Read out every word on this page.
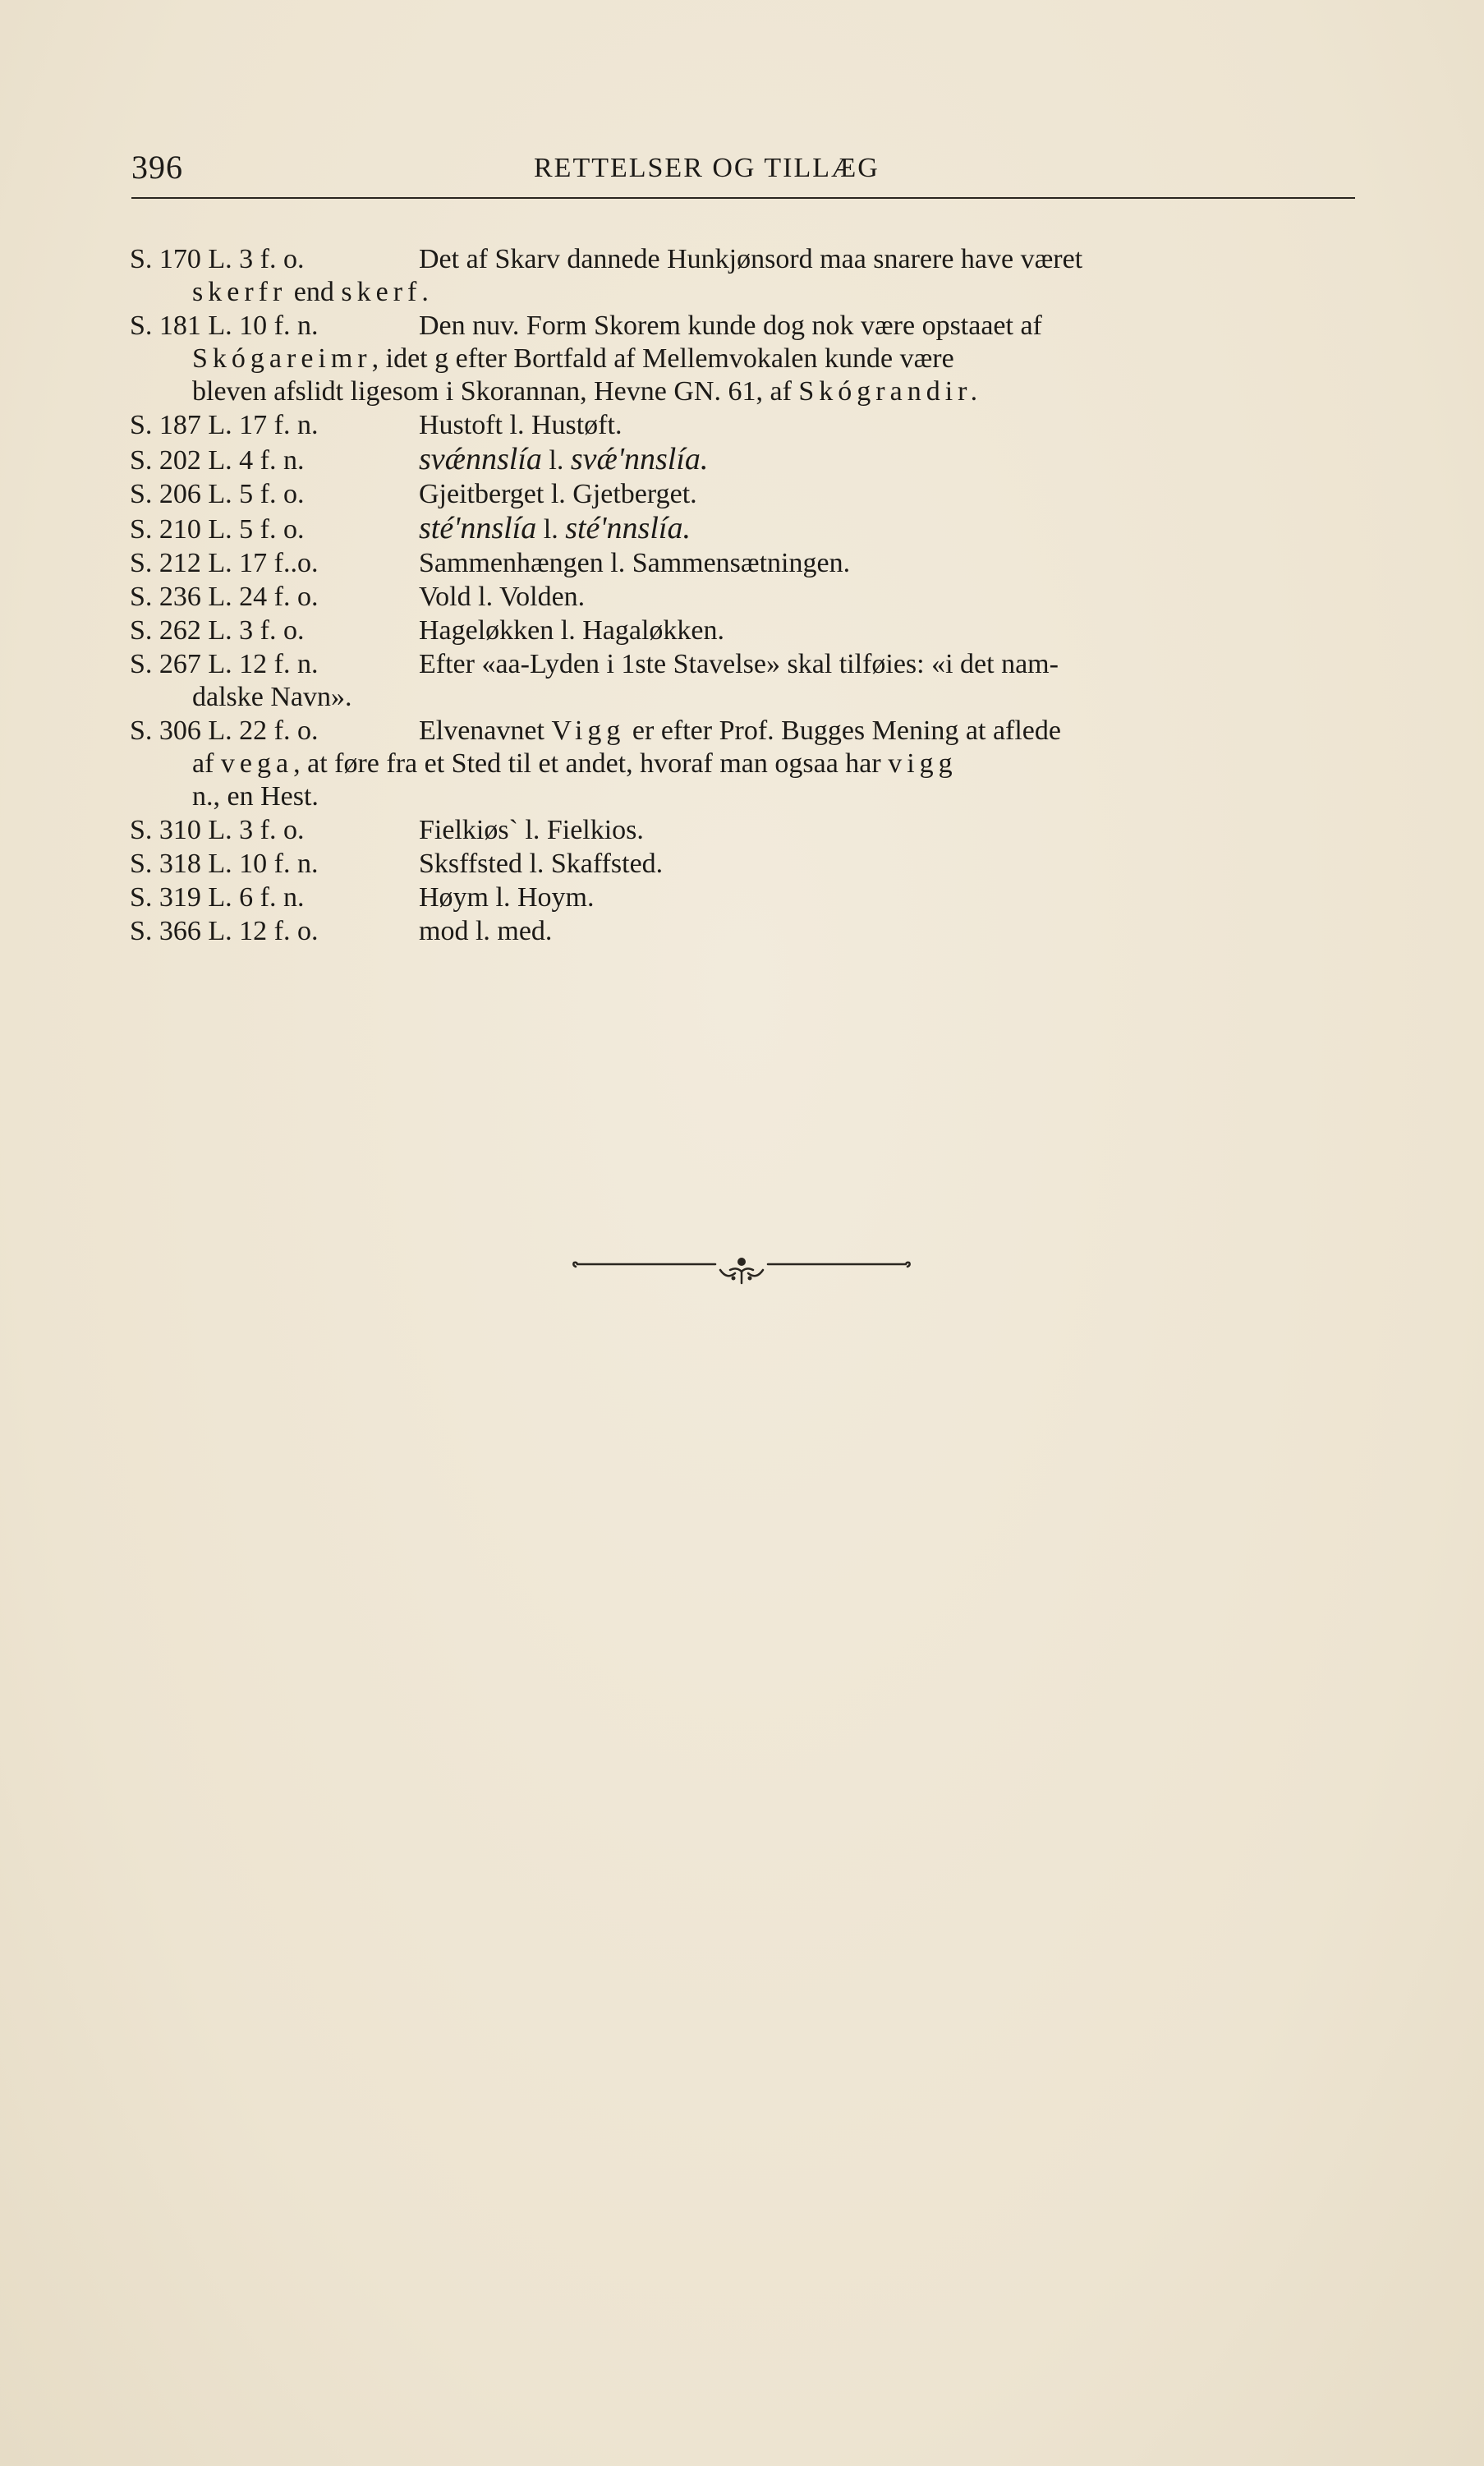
396	RETTELSER OG TILLÆG
S. 170 L. 3 f. o.	Det af Skarv dannede Hunkjønsord maa snarere have været
skerfr end skerf.
S. 181 L. 10 f. n.	Den nuv. Form Skorem kunde dog nok være opstaaet af
Skógareimr, idet g efter Bortfald af Mellemvokalen kunde være
bleven afslidt ligesom i Skorannan, Hevne GN. 61, af Skógrandir.
S. 187 L. 17 f. n.	Hustoft l. Hustøft.
S. 202 L. 4 f. n.	svǽnnslía l. svǽ'nnslía.
S. 206 L. 5 f. o.	Gjeitberget l. Gjetberget.
S. 210 L. 5 f. o.	sté'nnslía l. sté'nnslía.
S. 212 L. 17 f..o.	Sammenhængen l. Sammensætningen.
S. 236 L. 24 f. o.	Vold l. Volden.
S. 262 L. 3 f. o.	Hageløkken l. Hagaløkken.
S. 267 L. 12 f. n.	Efter «aa-Lyden i 1ste Stavelse» skal tilføies: «i det nam-
dalske Navn».
S. 306 L. 22 f. o.	Elvenavnet Vigg er efter Prof. Bugges Mening at aflede
af vega, at føre fra et Sted til et andet, hvoraf man ogsaa har vigg
n., en Hest.
S. 310 L. 3 f. o.	Fielkiøs` l. Fielkios.
S. 318 L. 10 f. n.	Sksffsted l. Skaffsted.
S. 319 L. 6 f. n.	Høym l. Hoym.
S. 366 L. 12 f. o.	mod l. med.
